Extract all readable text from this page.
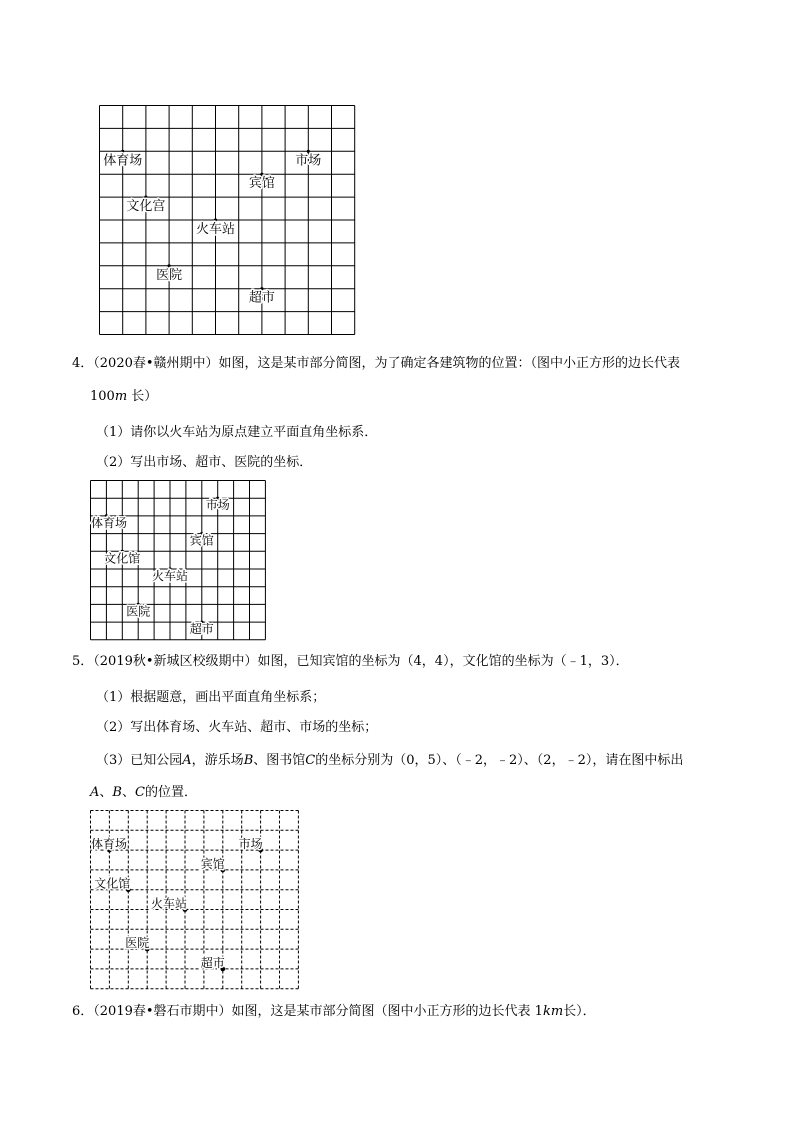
体育场	市场
宾馆
文化宫
火车站
医院
超市
4．（2020春•赣州期中）如图，这是某市部分简图，为了确定各建筑物的位置：（图中小正方形的边长代表
100m 长）
（1）请你以火车站为原点建立平面直角坐标系．
（2）写出市场、超市、医院的坐标．
市场
体育场
宾馆
文化馆
火车站
医院
超市
5．（2019秋•新城区校级期中）如图，已知宾馆的坐标为（4，4），文化馆的坐标为（﹣1，3）．
（1）根据题意，画出平面直角坐标系；
（2）写出体育场、火车站、超市、市场的坐标；
（3）已知公园A，游乐场B、图书馆C的坐标分别为（0，5）、（﹣2，﹣2）、（2，﹣2），请在图中标出
A、B、C的位置．
体育场	市场
宾馆
文化馆
火车站
医院
超市
6．（2019春•磐石市期中）如图，这是某市部分简图（图中小正方形的边长代表 1km长）．
